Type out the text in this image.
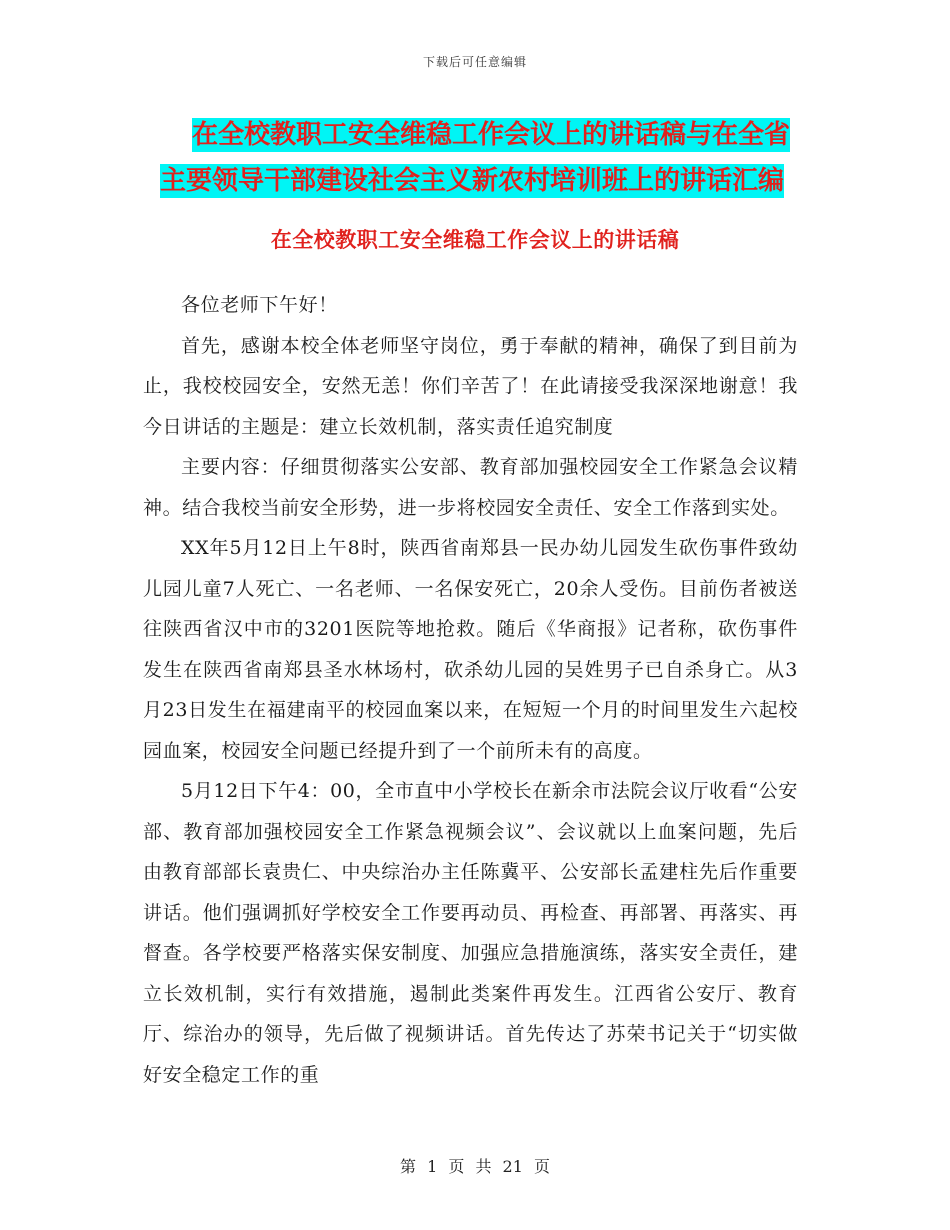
下载后可任意编辑
在全校教职工安全维稳工作会议上的讲话稿与在全省
主要领导干部建设社会主义新农村培训班上的讲话汇编
在全校教职工安全维稳工作会议上的讲话稿

各位老师下午好！

首先，感谢本校全体老师坚守岗位，勇于奉献的精神，确保了到目前为止，我校校园安全，安然无恙！你们辛苦了！在此请接受我深深地谢意！我今日讲话的主题是：建立长效机制，落实责任追究制度

主要内容：仔细贯彻落实公安部、教育部加强校园安全工作紧急会议精神。结合我校当前安全形势，进一步将校园安全责任、安全工作落到实处。

XX年5月12日上午8时，陕西省南郑县一民办幼儿园发生砍伤事件致幼儿园儿童7人死亡、一名老师、一名保安死亡，20余人受伤。目前伤者被送往陕西省汉中市的3201医院等地抢救。随后《华商报》记者称，砍伤事件发生在陕西省南郑县圣水林场村，砍杀幼儿园的吴姓男子已自杀身亡。从3月23日发生在福建南平的校园血案以来，在短短一个月的时间里发生六起校园血案，校园安全问题已经提升到了一个前所未有的高度。

5月12日下午4：00，全市直中小学校长在新余市法院会议厅收看“公安部、教育部加强校园安全工作紧急视频会议”、会议就以上血案问题，先后由教育部部长袁贵仁、中央综治办主任陈冀平、公安部长孟建柱先后作重要讲话。他们强调抓好学校安全工作要再动员、再检查、再部署、再落实、再督查。各学校要严格落实保安制度、加强应急措施演练，落实安全责任，建立长效机制，实行有效措施，遏制此类案件再发生。江西省公安厅、教育厅、综治办的领导，先后做了视频讲话。首先传达了苏荣书记关于“切实做好安全稳定工作的重

第 1 页 共 21 页
